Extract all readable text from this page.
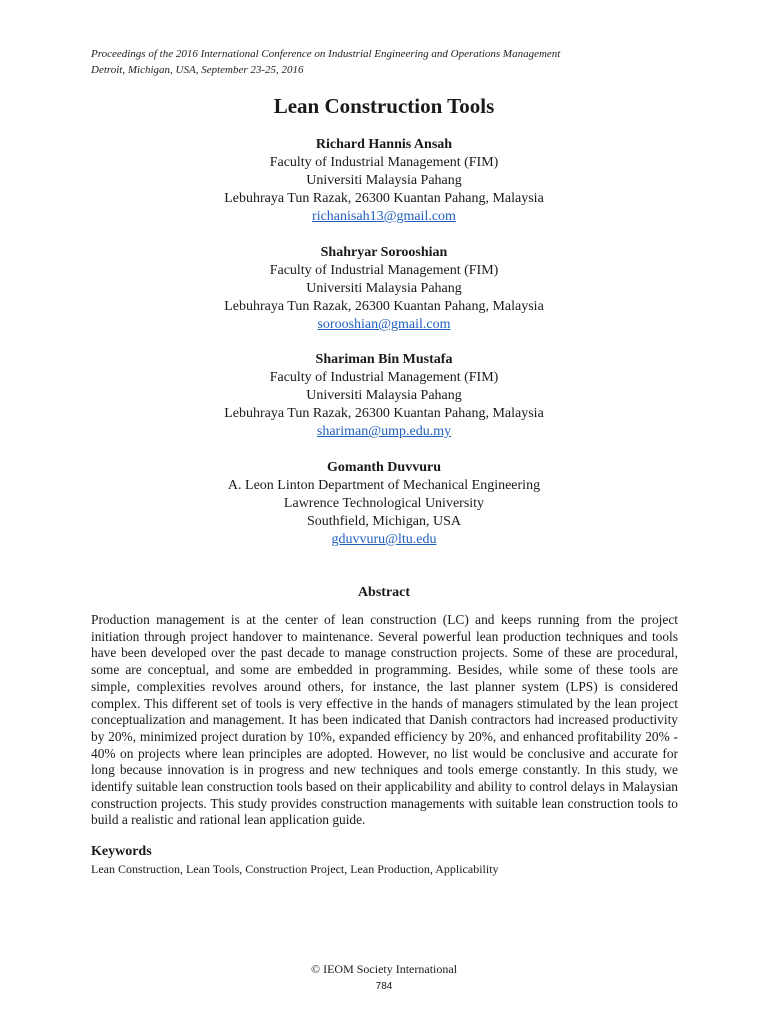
Proceedings of the 2016 International Conference on Industrial Engineering and Operations Management
Detroit, Michigan, USA, September 23-25, 2016
Lean Construction Tools
Richard Hannis Ansah
Faculty of Industrial Management (FIM)
Universiti Malaysia Pahang
Lebuhraya Tun Razak, 26300 Kuantan Pahang, Malaysia
richanisah13@gmail.com
Shahryar Sorooshian
Faculty of Industrial Management (FIM)
Universiti Malaysia Pahang
Lebuhraya Tun Razak, 26300 Kuantan Pahang, Malaysia
sorooshian@gmail.com
Shariman Bin Mustafa
Faculty of Industrial Management (FIM)
Universiti Malaysia Pahang
Lebuhraya Tun Razak, 26300 Kuantan Pahang, Malaysia
shariman@ump.edu.my
Gomanth Duvvuru
A. Leon Linton Department of Mechanical Engineering
Lawrence Technological University
Southfield, Michigan, USA
gduvvuru@ltu.edu
Abstract
Production management is at the center of lean construction (LC) and keeps running from the project initiation through project handover to maintenance. Several powerful lean production techniques and tools have been developed over the past decade to manage construction projects. Some of these are procedural, some are conceptual, and some are embedded in programming. Besides, while some of these tools are simple, complexities revolves around others, for instance, the last planner system (LPS) is considered complex. This different set of tools is very effective in the hands of managers stimulated by the lean project conceptualization and management. It has been indicated that Danish contractors had increased productivity by 20%, minimized project duration by 10%, expanded efficiency by 20%, and enhanced profitability 20% - 40% on projects where lean principles are adopted. However, no list would be conclusive and accurate for long because innovation is in progress and new techniques and tools emerge constantly. In this study, we identify suitable lean construction tools based on their applicability and ability to control delays in Malaysian construction projects. This study provides construction managements with suitable lean construction tools to build a realistic and rational lean application guide.
Keywords
Lean Construction, Lean Tools, Construction Project, Lean Production, Applicability
© IEOM Society International
784
